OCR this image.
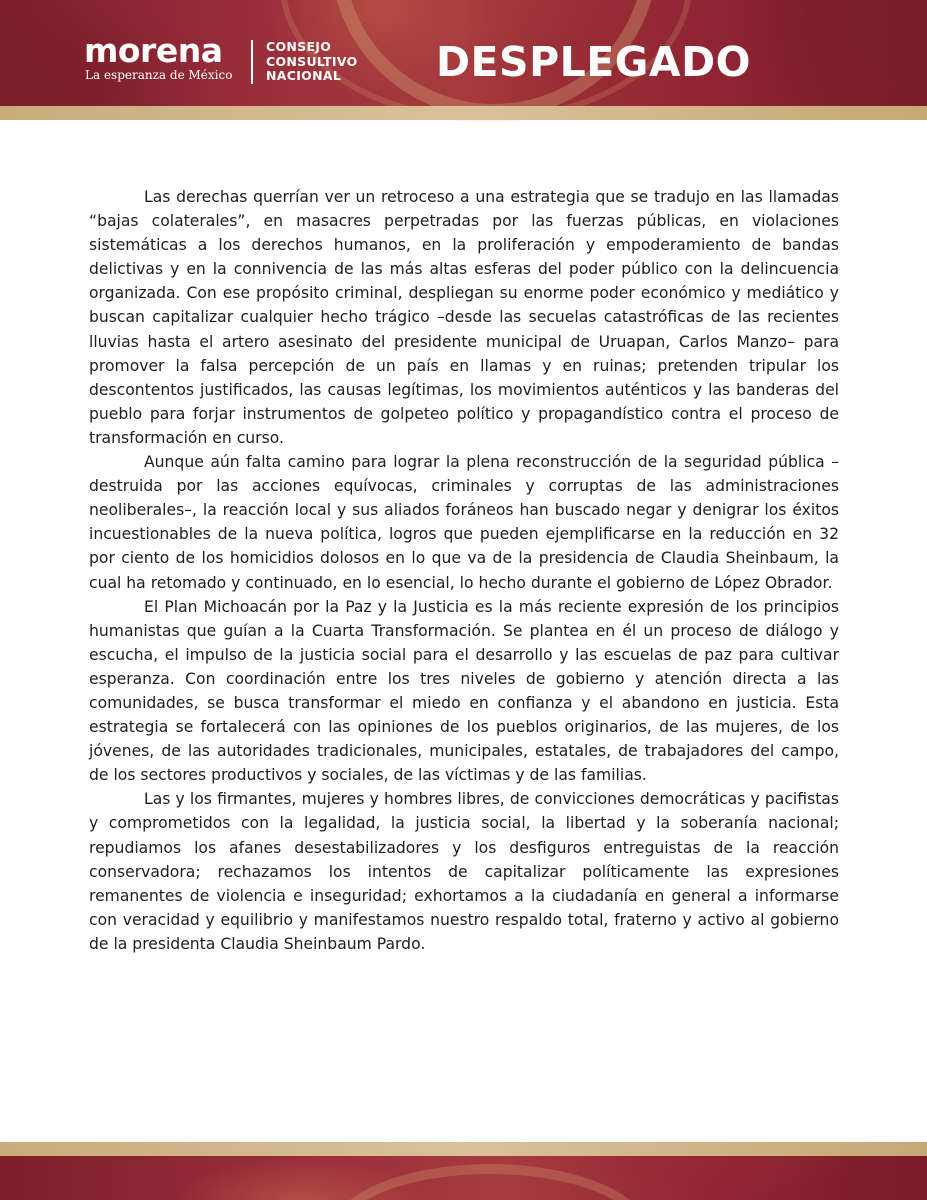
morena
La esperanza de México
CONSEJO
CONSULTIVO
NACIONAL	DESPLEGADO

Las derechas querrían ver un retroceso a una estrategia que se tradujo en las llamadas “bajas colaterales”, en masacres perpetradas por las fuerzas públicas, en violaciones sistemáticas a los derechos humanos, en la proliferación y empoderamiento de bandas delictivas y en la connivencia de las más altas esferas del poder público con la delincuencia organizada. Con ese propósito criminal, despliegan su enorme poder económico y mediático y buscan capitalizar cualquier hecho trágico –desde las secuelas catastróficas de las recientes lluvias hasta el artero asesinato del presidente municipal de Uruapan, Carlos Manzo– para promover la falsa percepción de un país en llamas y en ruinas; pretenden tripular los descontentos justificados, las causas legítimas, los movimientos auténticos y las banderas del pueblo para forjar instrumentos de golpeteo político y propagandístico contra el proceso de transformación en curso.

Aunque aún falta camino para lograr la plena reconstrucción de la seguridad pública –destruida por las acciones equívocas, criminales y corruptas de las administraciones neoliberales–, la reacción local y sus aliados foráneos han buscado negar y denigrar los éxitos incuestionables de la nueva política, logros que pueden ejemplificarse en la reducción en 32 por ciento de los homicidios dolosos en lo que va de la presidencia de Claudia Sheinbaum, la cual ha retomado y continuado, en lo esencial, lo hecho durante el gobierno de López Obrador.

El Plan Michoacán por la Paz y la Justicia es la más reciente expresión de los principios humanistas que guían a la Cuarta Transformación. Se plantea en él un proceso de diálogo y escucha, el impulso de la justicia social para el desarrollo y las escuelas de paz para cultivar esperanza. Con coordinación entre los tres niveles de gobierno y atención directa a las comunidades, se busca transformar el miedo en confianza y el abandono en justicia. Esta estrategia se fortalecerá con las opiniones de los pueblos originarios, de las mujeres, de los jóvenes, de las autoridades tradicionales, municipales, estatales, de trabajadores del campo, de los sectores productivos y sociales, de las víctimas y de las familias.

Las y los firmantes, mujeres y hombres libres, de convicciones democráticas y pacifistas y comprometidos con la legalidad, la justicia social, la libertad y la soberanía nacional; repudiamos los afanes desestabilizadores y los desfiguros entreguistas de la reacción conservadora; rechazamos los intentos de capitalizar políticamente las expresiones remanentes de violencia e inseguridad; exhortamos a la ciudadanía en general a informarse con veracidad y equilibrio y manifestamos nuestro respaldo total, fraterno y activo al gobierno de la presidenta Claudia Sheinbaum Pardo.
